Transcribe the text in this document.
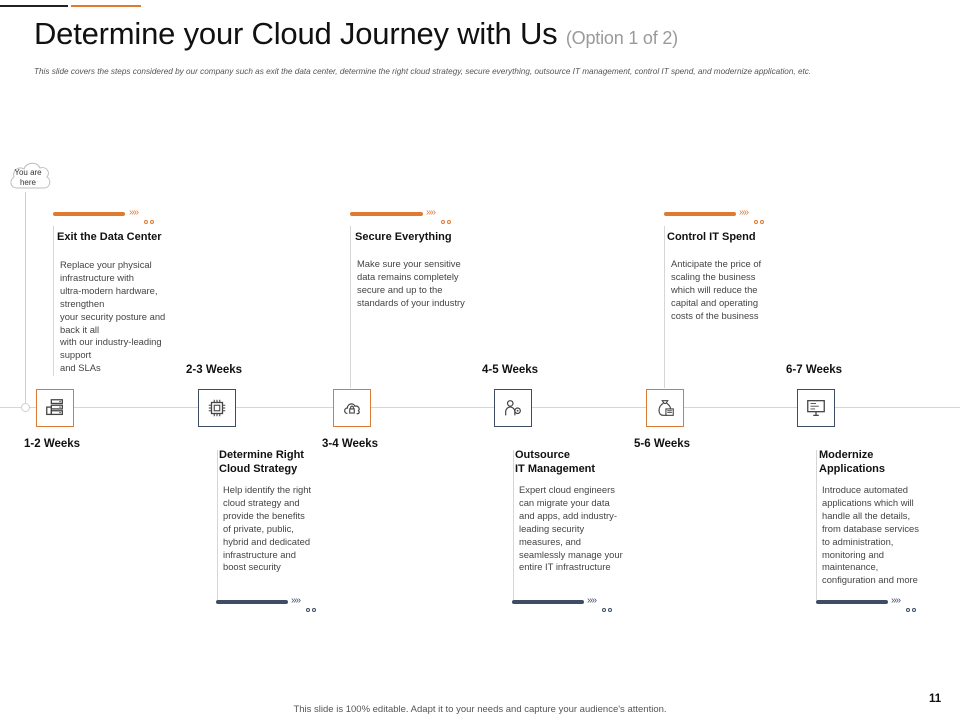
Determine your Cloud Journey with Us (Option 1 of 2)
This slide covers the steps considered by our company such as exit the data center, determine the right cloud strategy, secure everything, outsource IT management, control IT spend, and modernize application, etc.
You are
here
»»
Exit the Data Center
Replace your physical
infrastructure with
ultra-modern hardware,
strengthen
your security posture and
back it all
with our industry-leading
support
and SLAs
1-2 Weeks
2-3 Weeks
Determine Right
Cloud Strategy
Help identify the right
cloud strategy and
provide the benefits
of private, public,
hybrid and dedicated
infrastructure and
boost security
»»
»»
Secure Everything
Make sure your sensitive
data remains completely
secure and up to the
standards of your industry
3-4 Weeks
4-5 Weeks
Outsource
IT Management
Expert cloud engineers
can migrate your data
and apps, add industry-
leading security
measures, and
seamlessly manage your
entire IT infrastructure
»»
»»
Control IT Spend
Anticipate the price of
scaling the business
which will reduce the
capital and operating
costs of the business
5-6 Weeks
6-7 Weeks
Modernize
Applications
Introduce automated
applications which will
handle all the details,
from database services
to administration,
monitoring and
maintenance,
configuration and more
»»
This slide is 100% editable. Adapt it to your needs and capture your audience's attention.
11
